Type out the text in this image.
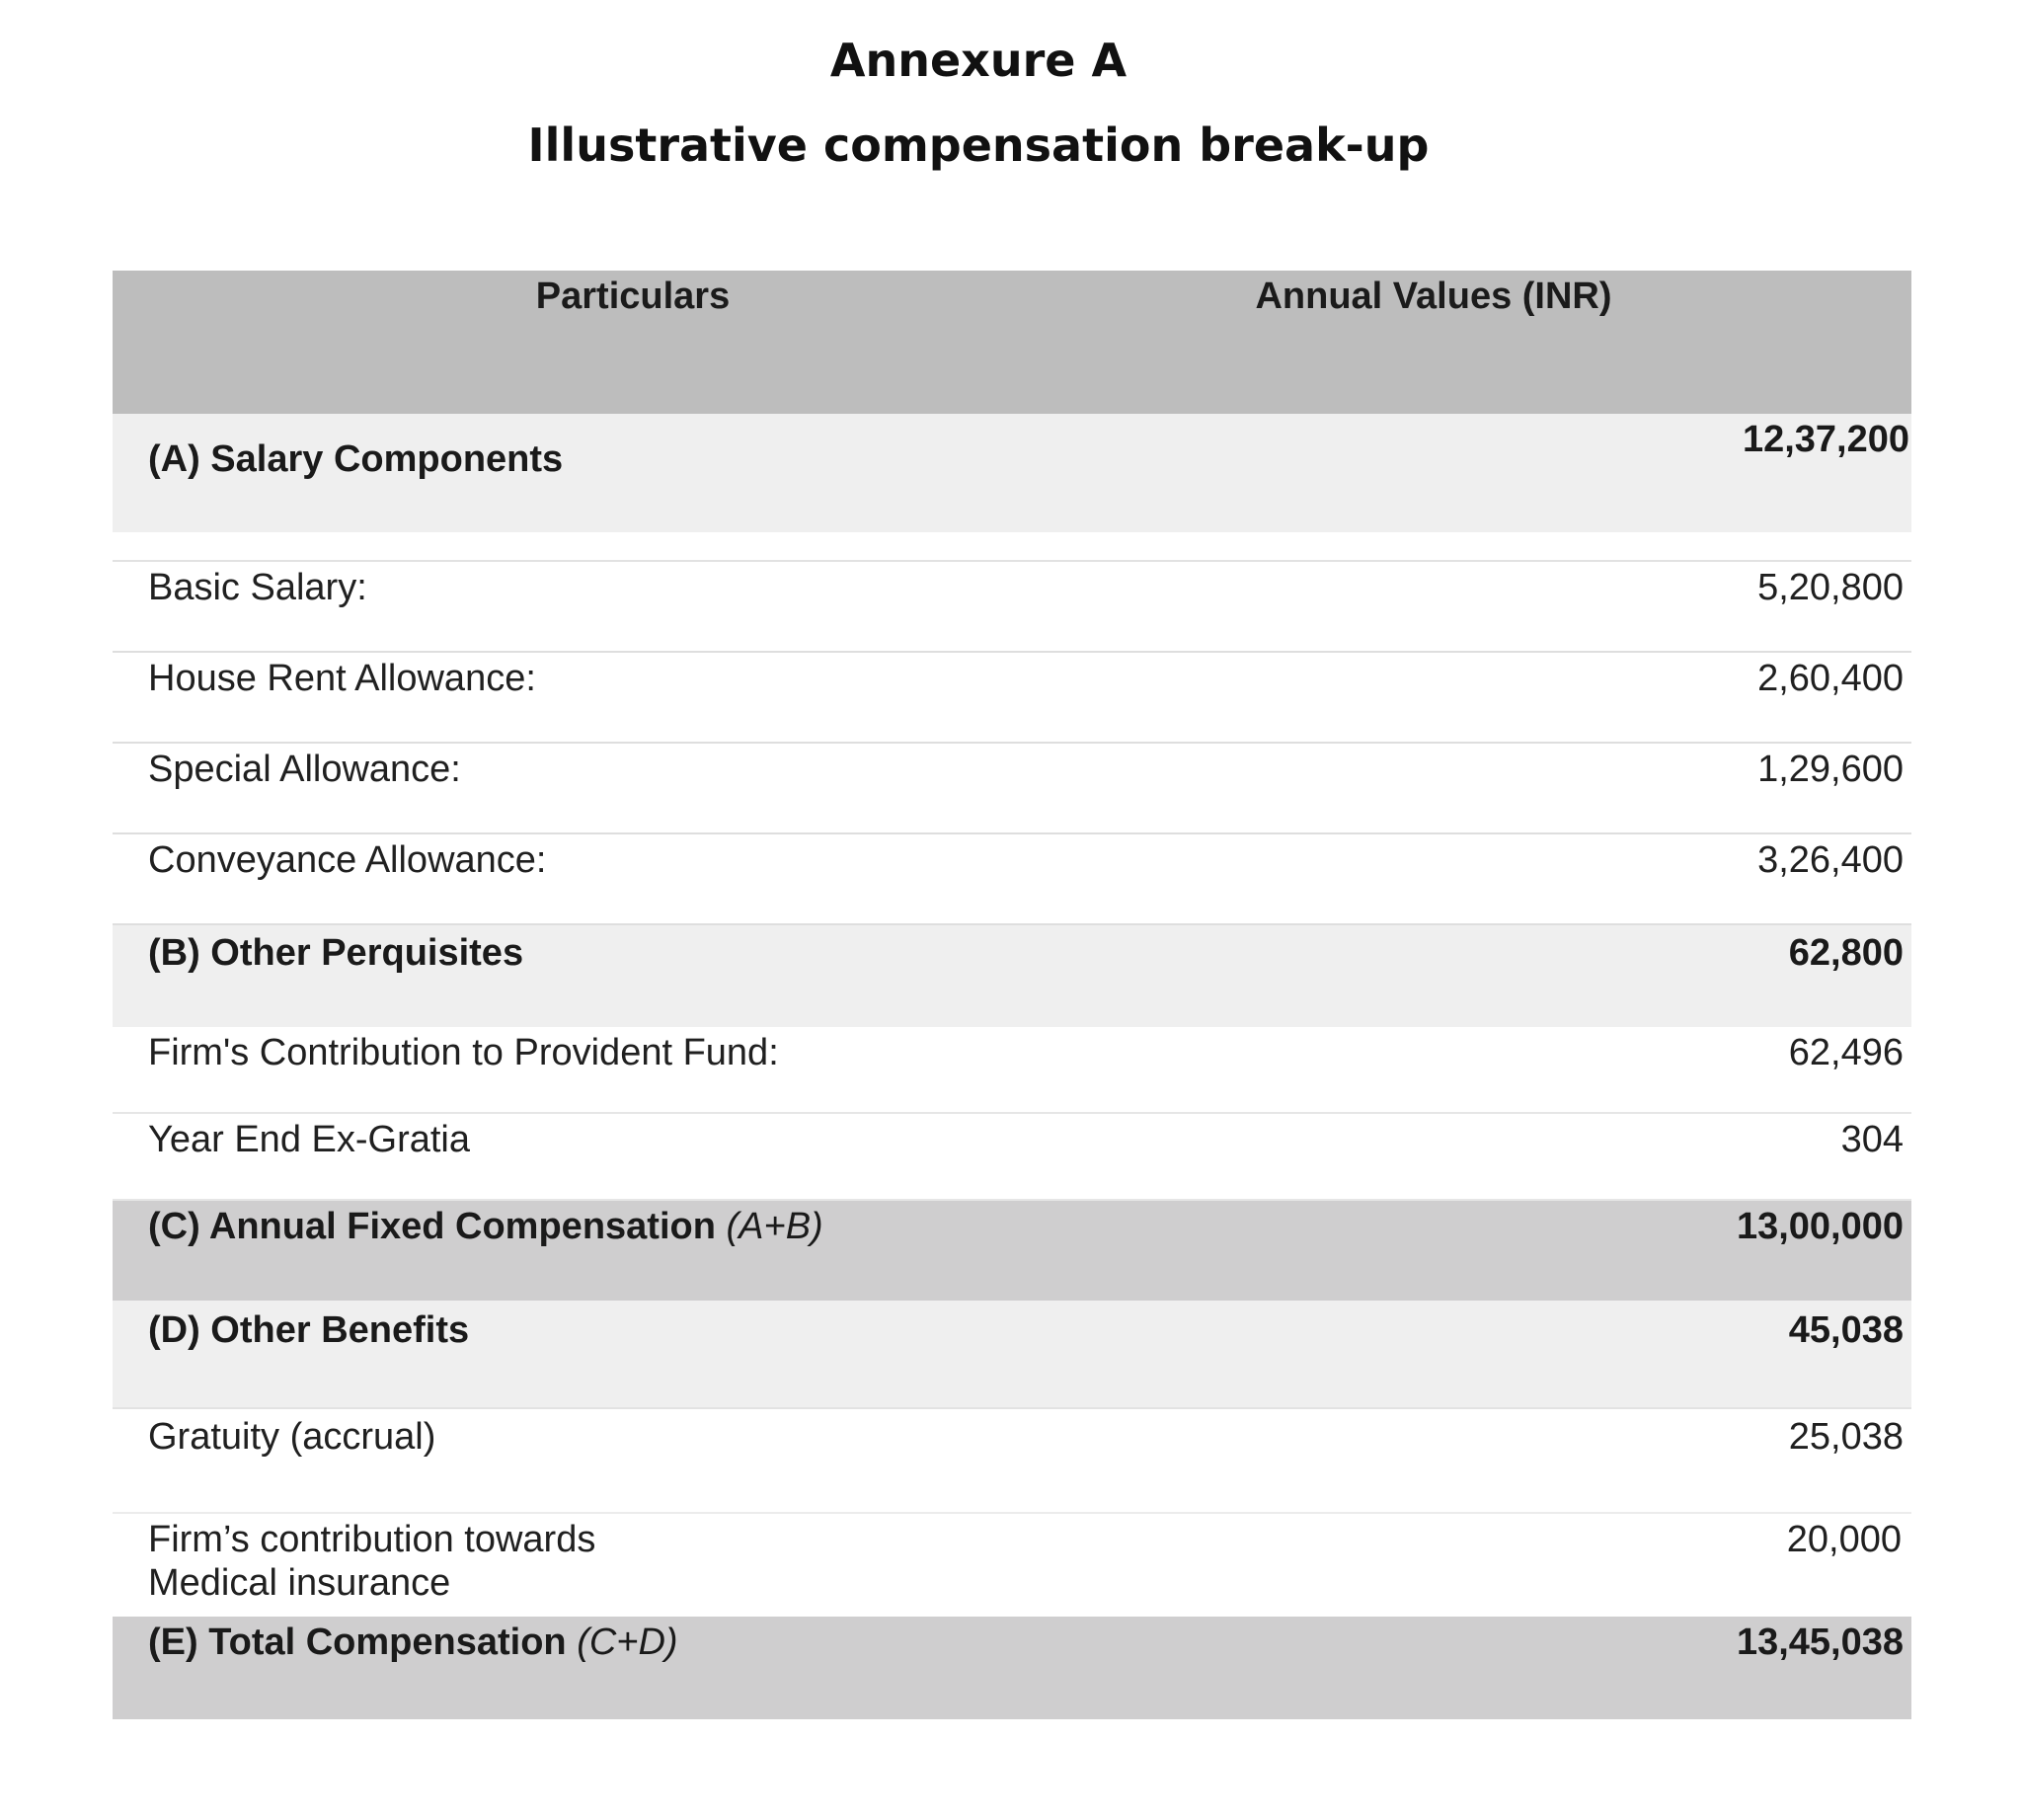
Annexure A
Illustrative compensation break-up
Particulars	Annual Values (INR)
(A) Salary Components	12,37,200

Basic Salary:	5,20,800
House Rent Allowance:	2,60,400
Special Allowance:	1,29,600
Conveyance Allowance:	3,26,400
(B) Other Perquisites	62,800
Firm's Contribution to Provident Fund:	62,496
Year End Ex-Gratia	304
(C) Annual Fixed Compensation (A+B)	13,00,000
(D) Other Benefits	45,038
Gratuity (accrual)	25,038

Firm’s contribution towards
Medical insurance	20,000
(E) Total Compensation (C+D)	13,45,038
